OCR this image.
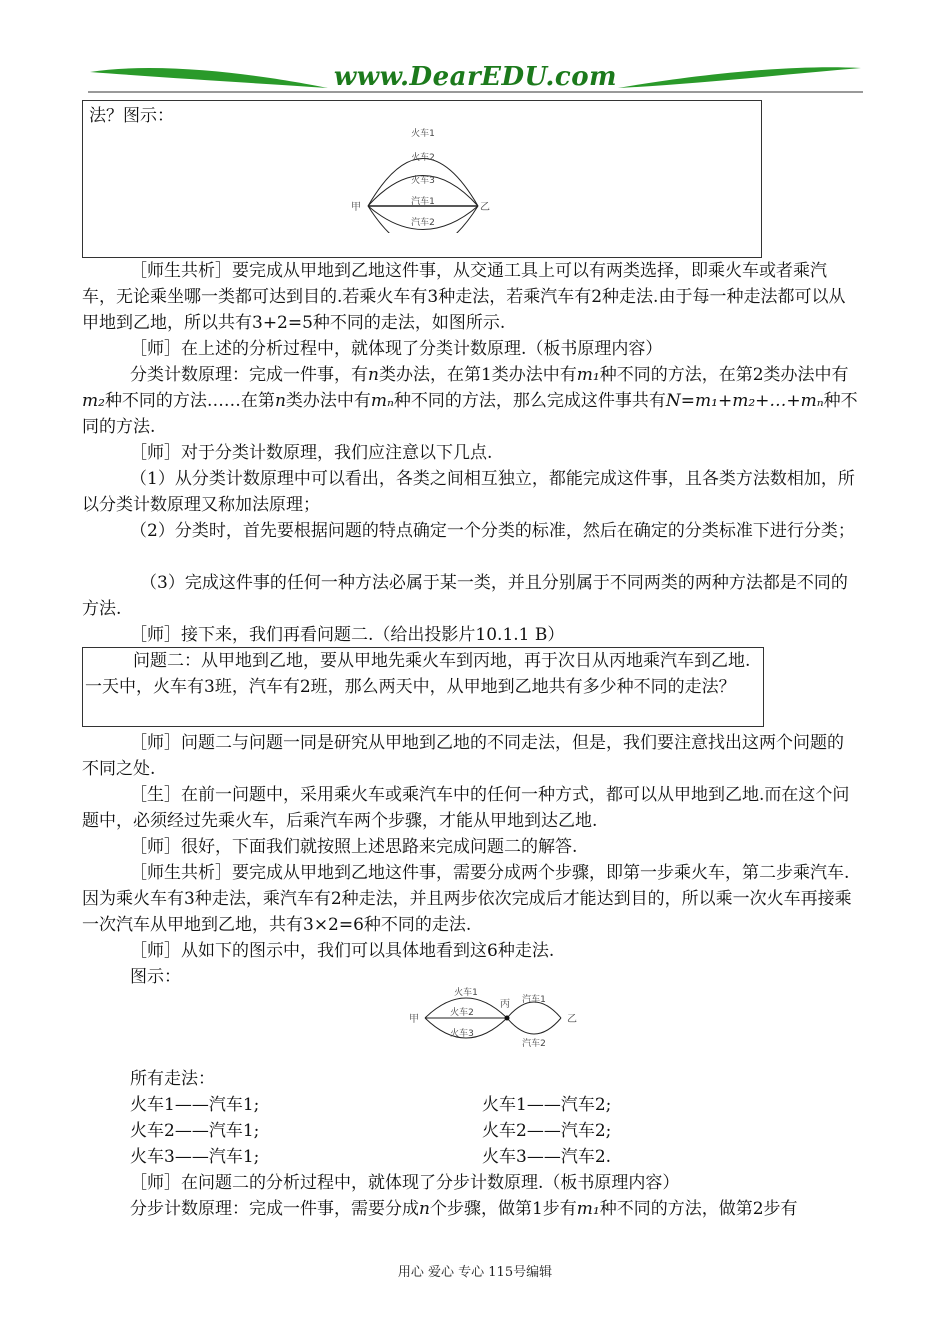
www.DearEDU.com
法？图示：
甲	乙
火车1
火车2
火车3
汽车1
汽车2
［师生共析］要完成从甲地到乙地这件事，从交通工具上可以有两类选择，即乘火车或者乘汽车，无论乘坐哪一类都可达到目的.若乘火车有3种走法，若乘汽车有2种走法.由于每一种走法都可以从甲地到乙地，所以共有3+2=5种不同的走法，如图所示.
［师］在上述的分析过程中，就体现了分类计数原理.（板书原理内容）
分类计数原理：完成一件事，有n类办法，在第1类办法中有m₁种不同的方法，在第2类办法中有m₂种不同的方法……在第n类办法中有mₙ种不同的方法，那么完成这件事共有N=m₁+m₂+…+mₙ种不同的方法.
［师］对于分类计数原理，我们应注意以下几点.
（1）从分类计数原理中可以看出，各类之间相互独立，都能完成这件事，且各类方法数相加，所以分类计数原理又称加法原理；
（2）分类时，首先要根据问题的特点确定一个分类的标准，然后在确定的分类标准下进行分类；
（3）完成这件事的任何一种方法必属于某一类，并且分别属于不同两类的两种方法都是不同的方法.
［师］接下来，我们再看问题二.（给出投影片10.1.1 B）
问题二：从甲地到乙地，要从甲地先乘火车到丙地，再于次日从丙地乘汽车到乙地.一天中，火车有3班，汽车有2班，那么两天中，从甲地到乙地共有多少种不同的走法？
［师］问题二与问题一同是研究从甲地到乙地的不同走法，但是，我们要注意找出这两个问题的不同之处.
［生］在前一问题中，采用乘火车或乘汽车中的任何一种方式，都可以从甲地到乙地.而在这个问题中，必须经过先乘火车，后乘汽车两个步骤，才能从甲地到达乙地.
［师］很好，下面我们就按照上述思路来完成问题二的解答.
［师生共析］要完成从甲地到乙地这件事，需要分成两个步骤，即第一步乘火车，第二步乘汽车.因为乘火车有3种走法，乘汽车有2种走法，并且两步依次完成后才能达到目的，所以乘一次火车再接乘一次汽车从甲地到乙地，共有3×2=6种不同的走法.
［师］从如下的图示中，我们可以具体地看到这6种走法.
图示：
甲
丙
乙
火车1
火车2
火车3
汽车1
汽车2
所有走法：
火车1——汽车1;
火车2——汽车1;
火车3——汽车1;
火车1——汽车2;
火车2——汽车2;
火车3——汽车2.
［师］在问题二的分析过程中，就体现了分步计数原理.（板书原理内容）
分步计数原理：完成一件事，需要分成n个步骤，做第1步有m₁种不同的方法，做第2步有
用心 爱心 专心 115号编辑
